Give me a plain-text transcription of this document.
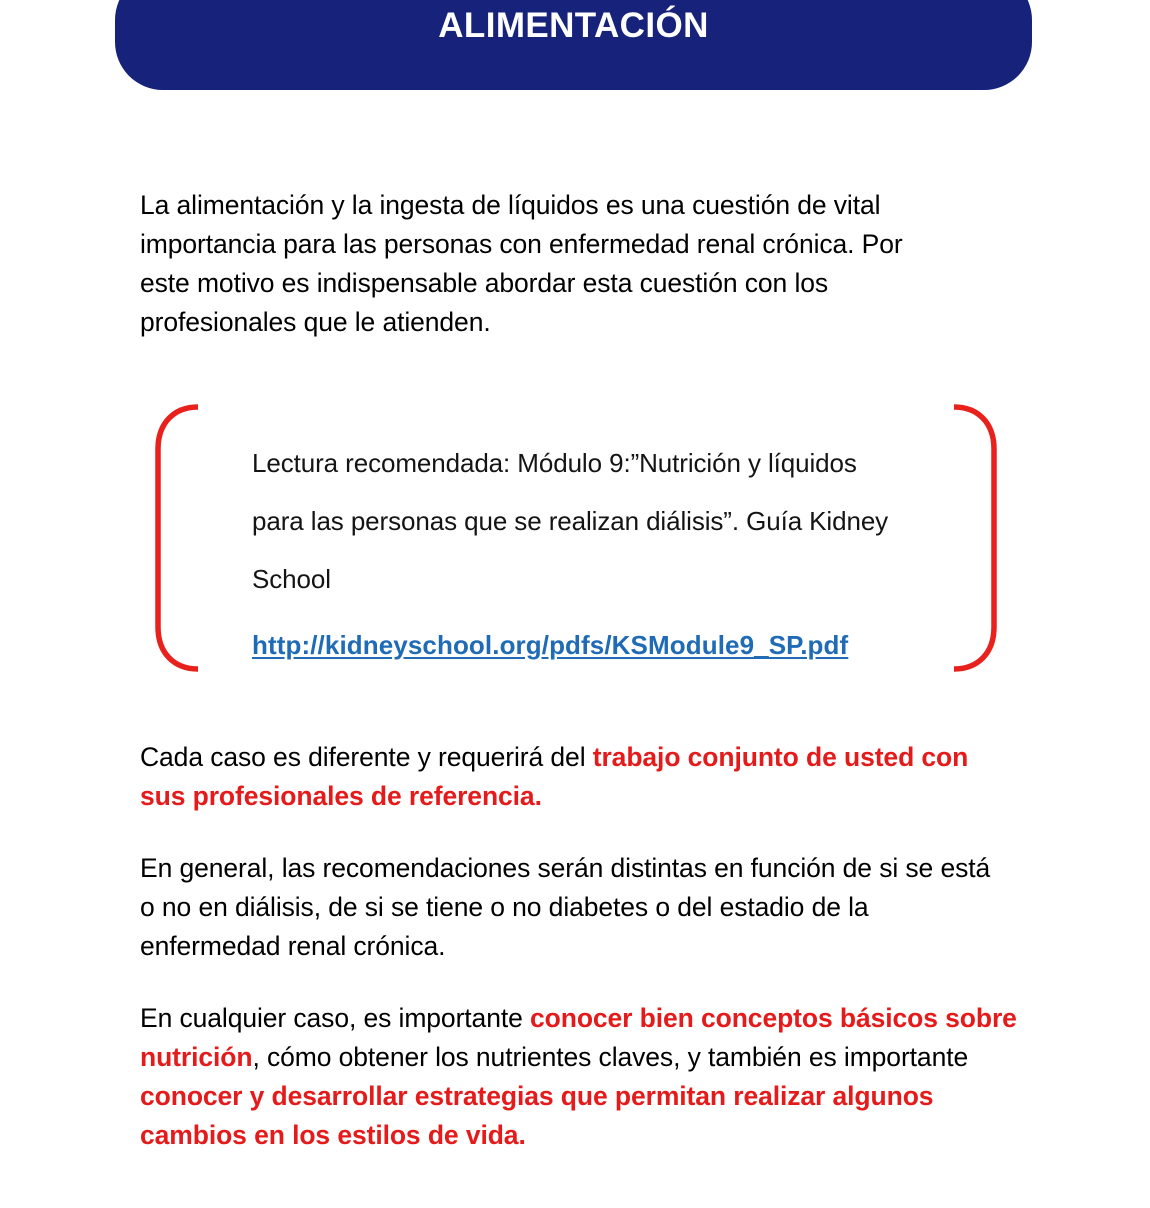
ALIMENTACIÓN

La alimentación y la ingesta de líquidos es una cuestión de vital importancia para las personas con enfermedad renal crónica. Por este motivo es indispensable abordar esta cuestión con los profesionales que le atienden.

Lectura recomendada: Módulo 9:”Nutrición y líquidos
para las personas que se realizan diálisis”. Guía Kidney
School
http://kidneyschool.org/pdfs/KSModule9_SP.pdf

Cada caso es diferente y requerirá del trabajo conjunto de usted con sus profesionales de referencia.

En general, las recomendaciones serán distintas en función de si se está o no en diálisis, de si se tiene o no diabetes o del estadio de la enfermedad renal crónica.

En cualquier caso, es importante conocer bien conceptos básicos sobre nutrición, cómo obtener los nutrientes claves, y también es importante conocer y desarrollar estrategias que permitan realizar algunos cambios en los estilos de vida.
